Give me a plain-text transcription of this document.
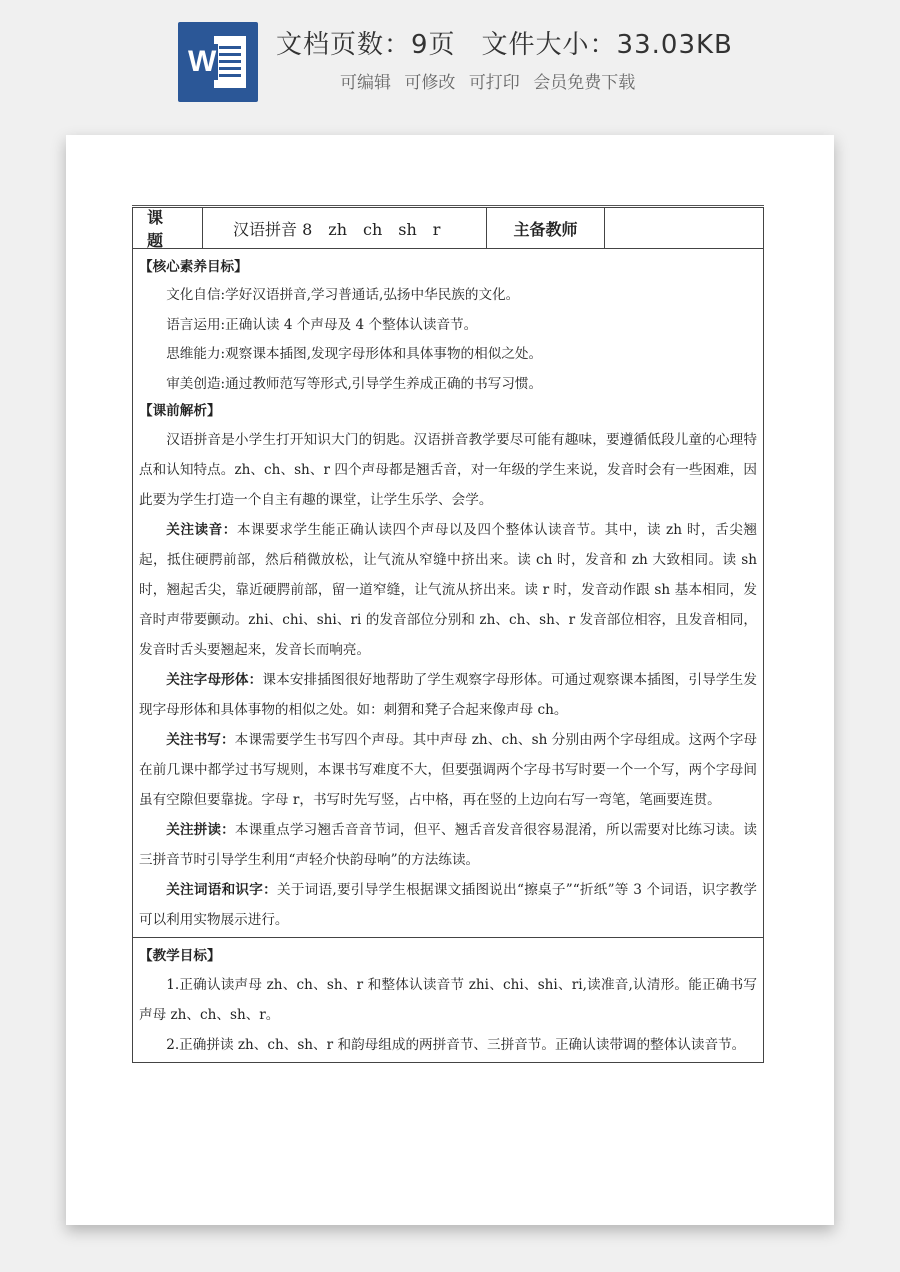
W 文档页数：9页 文件大小：33.03KB
可编辑 可修改 可打印 会员免费下载
课题
汉语拼音 8　zh　ch　sh　r	主备教师
【核心素养目标】
文化自信:学好汉语拼音,学习普通话,弘扬中华民族的文化。
语言运用:正确认读 4 个声母及 4 个整体认读音节。
思维能力:观察课本插图,发现字母形体和具体事物的相似之处。
审美创造:通过教师范写等形式,引导学生养成正确的书写习惯。
【课前解析】
汉语拼音是小学生打开知识大门的钥匙。汉语拼音教学要尽可能有趣味，要遵循低段儿童的心理特点和认知特点。zh、ch、sh、r 四个声母都是翘舌音，对一年级的学生来说，发音时会有一些困难，因此要为学生打造一个自主有趣的课堂，让学生乐学、会学。
关注读音：本课要求学生能正确认读四个声母以及四个整体认读音节。其中，读 zh 时，舌尖翘起，抵住硬腭前部，然后稍微放松，让气流从窄缝中挤出来。读 ch 时，发音和 zh 大致相同。读 sh 时，翘起舌尖，靠近硬腭前部，留一道窄缝，让气流从挤出来。读 r 时，发音动作跟 sh 基本相同，发音时声带要颤动。zhi、chi、shi、ri 的发音部位分别和 zh、ch、sh、r 发音部位相容，且发音相同，发音时舌头要翘起来，发音长而响亮。
关注字母形体：课本安排插图很好地帮助了学生观察字母形体。可通过观察课本插图，引导学生发现字母形体和具体事物的相似之处。如：刺猬和凳子合起来像声母 ch。
关注书写：本课需要学生书写四个声母。其中声母 zh、ch、sh 分别由两个字母组成。这两个字母在前几课中都学过书写规则，本课书写难度不大，但要强调两个字母书写时要一个一个写，两个字母间虽有空隙但要靠拢。字母 r，书写时先写竖，占中格，再在竖的上边向右写一弯笔，笔画要连贯。
关注拼读：本课重点学习翘舌音音节词，但平、翘舌音发音很容易混淆，所以需要对比练习读。读三拼音节时引导学生利用“声轻介快韵母响”的方法练读。
关注词语和识字：关于词语,要引导学生根据课文插图说出“擦桌子”“折纸”等 3 个词语，识字教学可以利用实物展示进行。
【教学目标】
1.正确认读声母 zh、ch、sh、r 和整体认读音节 zhi、chi、shi、ri,读准音,认清形。能正确书写声母 zh、ch、sh、r。
2.正确拼读 zh、ch、sh、r 和韵母组成的两拼音节、三拼音节。正确认读带调的整体认读音节。
